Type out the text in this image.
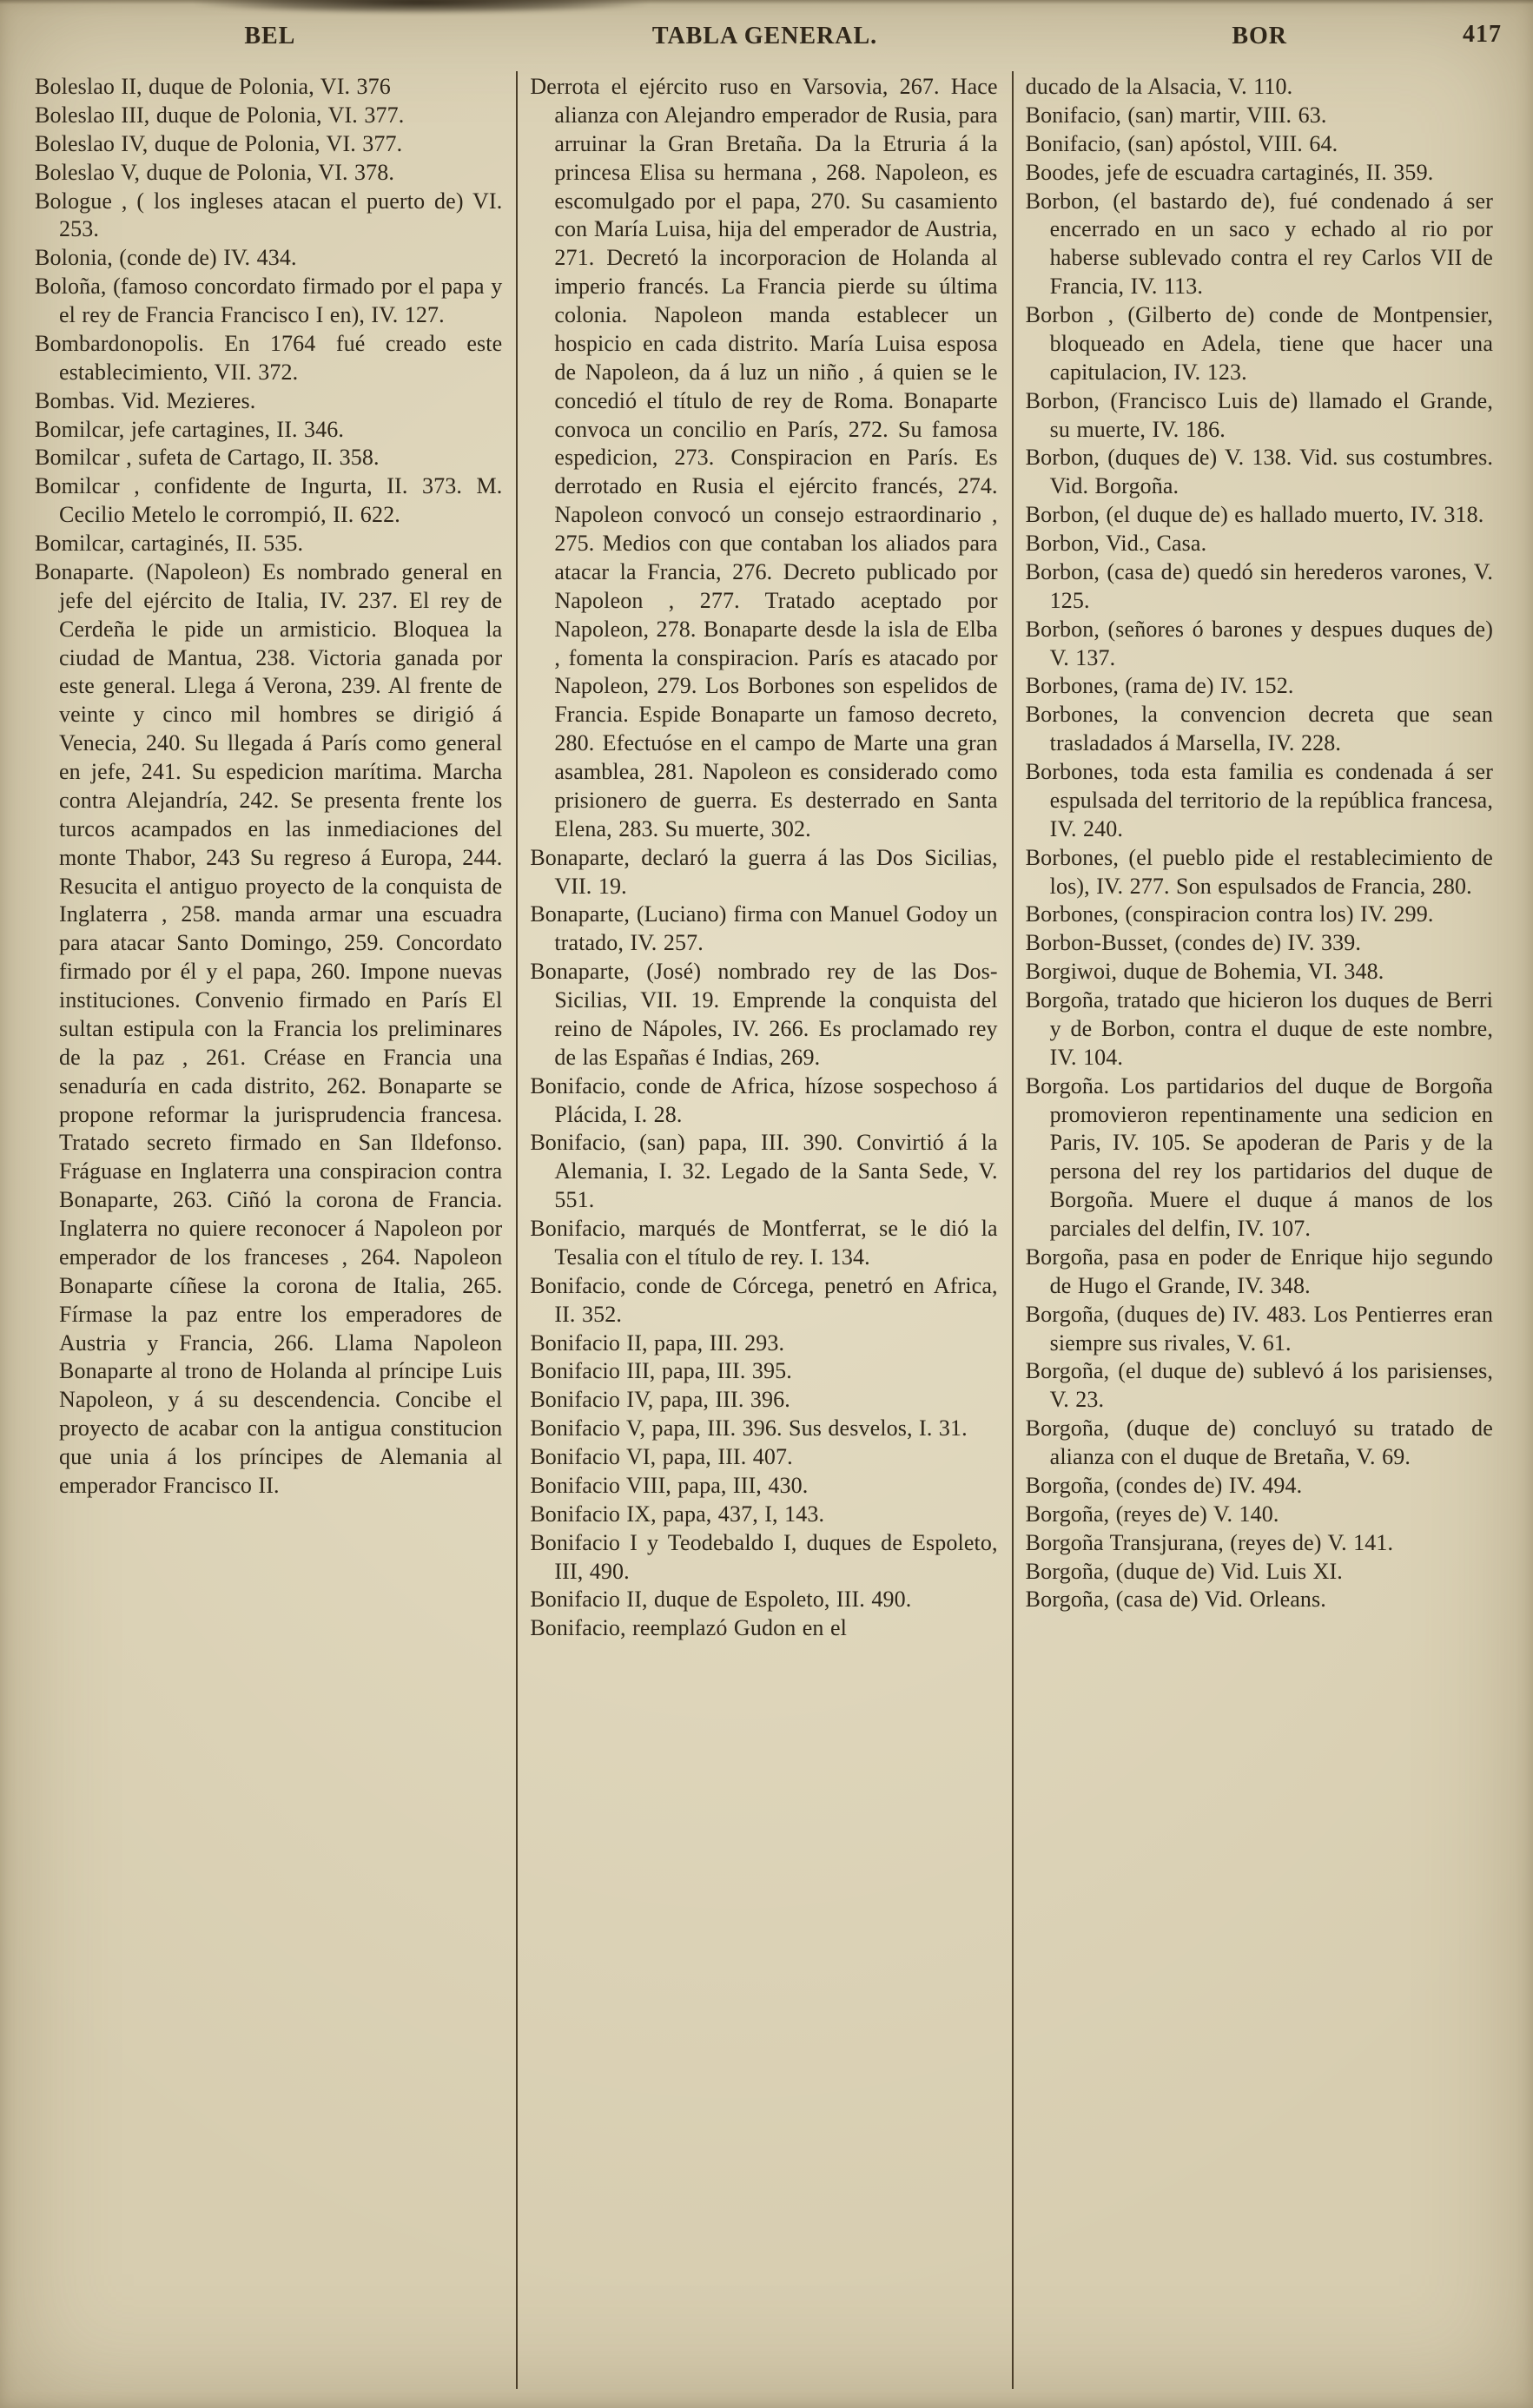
BEL	TABLA GENERAL.	BOR	417

Boleslao II, duque de Polonia, VI. 376

Boleslao III, duque de Polonia, VI. 377.

Boleslao IV, duque de Polonia, VI. 377.

Boleslao V, duque de Polonia, VI. 378.

Bologue , ( los ingleses atacan el puerto de) VI. 253.

Bolonia, (conde de) IV. 434.

Boloña, (famoso concordato firmado por el papa y el rey de Francia Francisco I en), IV. 127.

Bombardonopolis. En 1764 fué creado este establecimiento, VII. 372.

Bombas. Vid. Mezieres.

Bomilcar, jefe cartagines, II. 346.

Bomilcar , sufeta de Cartago, II. 358.

Bomilcar , confidente de Ingurta, II. 373. M. Cecilio Metelo le corrompió, II. 622.

Bomilcar, cartaginés, II. 535.

Bonaparte. (Napoleon) Es nombrado general en jefe del ejército de Italia, IV. 237. El rey de Cerdeña le pide un armisticio. Bloquea la ciudad de Mantua, 238. Victoria ganada por este general. Llega á Verona, 239. Al frente de veinte y cinco mil hombres se dirigió á Venecia, 240. Su llegada á París como general en jefe, 241. Su espedicion marítima. Marcha contra Alejandría, 242. Se presenta frente los turcos acampados en las inmediaciones del monte Thabor, 243 Su regreso á Europa, 244. Resucita el antiguo proyecto de la conquista de Inglaterra , 258. manda armar una escuadra para atacar Santo Domingo, 259. Concordato firmado por él y el papa, 260. Impone nuevas instituciones. Convenio firmado en París El sultan estipula con la Francia los preliminares de la paz , 261. Créase en Francia una senaduría en cada distrito, 262. Bonaparte se propone reformar la jurisprudencia francesa. Tratado secreto firmado en San Ildefonso. Fráguase en Inglaterra una conspiracion contra Bonaparte, 263. Ciñó la corona de Francia. Inglaterra no quiere reconocer á Napoleon por emperador de los franceses , 264. Napoleon Bonaparte cíñese la corona de Italia, 265. Fírmase la paz entre los emperadores de Austria y Francia, 266. Llama Napoleon Bonaparte al trono de Holanda al príncipe Luis Napoleon, y á su descendencia. Concibe el proyecto de acabar con la antigua constitucion que unia á los príncipes de Alemania al emperador Francisco II.

Derrota el ejército ruso en Varsovia, 267. Hace alianza con Alejandro emperador de Rusia, para arruinar la Gran Bretaña. Da la Etruria á la princesa Elisa su hermana , 268. Napoleon, es escomulgado por el papa, 270. Su casamiento con María Luisa, hija del emperador de Austria, 271. Decretó la incorporacion de Holanda al imperio francés. La Francia pierde su última colonia. Napoleon manda establecer un hospicio en cada distrito. María Luisa esposa de Napoleon, da á luz un niño , á quien se le concedió el título de rey de Roma. Bonaparte convoca un concilio en París, 272. Su famosa espedicion, 273. Conspiracion en París. Es derrotado en Rusia el ejército francés, 274. Napoleon convocó un consejo estraordinario , 275. Medios con que contaban los aliados para atacar la Francia, 276. Decreto publicado por Napoleon , 277. Tratado aceptado por Napoleon, 278. Bonaparte desde la isla de Elba , fomenta la conspiracion. París es atacado por Napoleon, 279. Los Borbones son espelidos de Francia. Espide Bonaparte un famoso decreto, 280. Efectuóse en el campo de Marte una gran asamblea, 281. Napoleon es considerado como prisionero de guerra. Es desterrado en Santa Elena, 283. Su muerte, 302.

Bonaparte, declaró la guerra á las Dos Sicilias, VII. 19.

Bonaparte, (Luciano) firma con Manuel Godoy un tratado, IV. 257.

Bonaparte, (José) nombrado rey de las Dos-Sicilias, VII. 19. Emprende la conquista del reino de Nápoles, IV. 266. Es proclamado rey de las Españas é Indias, 269.

Bonifacio, conde de Africa, hízose sospechoso á Plácida, I. 28.

Bonifacio, (san) papa, III. 390. Convirtió á la Alemania, I. 32. Legado de la Santa Sede, V. 551.

Bonifacio, marqués de Montferrat, se le dió la Tesalia con el título de rey. I. 134.

Bonifacio, conde de Córcega, penetró en Africa, II. 352.

Bonifacio II, papa, III. 293.

Bonifacio III, papa, III. 395.

Bonifacio IV, papa, III. 396.

Bonifacio V, papa, III. 396. Sus desvelos, I. 31.

Bonifacio VI, papa, III. 407.

Bonifacio VIII, papa, III, 430.

Bonifacio IX, papa, 437, I, 143.

Bonifacio I y Teodebaldo I, duques de Espoleto, III, 490.

Bonifacio II, duque de Espoleto, III. 490.

Bonifacio, reemplazó Gudon en el

ducado de la Alsacia, V. 110.

Bonifacio, (san) martir, VIII. 63.

Bonifacio, (san) apóstol, VIII. 64.

Boodes, jefe de escuadra cartaginés, II. 359.

Borbon, (el bastardo de), fué condenado á ser encerrado en un saco y echado al rio por haberse sublevado contra el rey Carlos VII de Francia, IV. 113.

Borbon , (Gilberto de) conde de Montpensier, bloqueado en Adela, tiene que hacer una capitulacion, IV. 123.

Borbon, (Francisco Luis de) llamado el Grande, su muerte, IV. 186.

Borbon, (duques de) V. 138. Vid. sus costumbres. Vid. Borgoña.

Borbon, (el duque de) es hallado muerto, IV. 318.

Borbon, Vid., Casa.

Borbon, (casa de) quedó sin herederos varones, V. 125.

Borbon, (señores ó barones y despues duques de) V. 137.

Borbones, (rama de) IV. 152.

Borbones, la convencion decreta que sean trasladados á Marsella, IV. 228.

Borbones, toda esta familia es condenada á ser espulsada del territorio de la república francesa, IV. 240.

Borbones, (el pueblo pide el restablecimiento de los), IV. 277. Son espulsados de Francia, 280.

Borbones, (conspiracion contra los) IV. 299.

Borbon-Busset, (condes de) IV. 339.

Borgiwoi, duque de Bohemia, VI. 348.

Borgoña, tratado que hicieron los duques de Berri y de Borbon, contra el duque de este nombre, IV. 104.

Borgoña. Los partidarios del duque de Borgoña promovieron repentinamente una sedicion en Paris, IV. 105. Se apoderan de Paris y de la persona del rey los partidarios del duque de Borgoña. Muere el duque á manos de los parciales del delfin, IV. 107.

Borgoña, pasa en poder de Enrique hijo segundo de Hugo el Grande, IV. 348.

Borgoña, (duques de) IV. 483. Los Pentierres eran siempre sus rivales, V. 61.

Borgoña, (el duque de) sublevó á los parisienses, V. 23.

Borgoña, (duque de) concluyó su tratado de alianza con el duque de Bretaña, V. 69.

Borgoña, (condes de) IV. 494.

Borgoña, (reyes de) V. 140.

Borgoña Transjurana, (reyes de) V. 141.

Borgoña, (duque de) Vid. Luis XI.

Borgoña, (casa de) Vid. Orleans.
